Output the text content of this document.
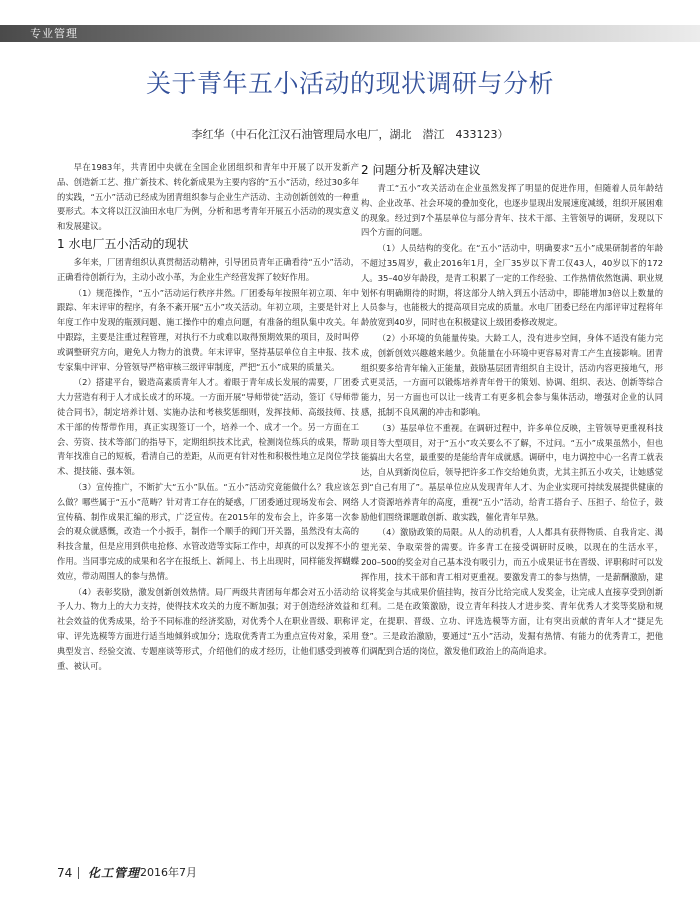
专业管理
关于青年五小活动的现状调研与分析
李红华（中石化江汉石油管理局水电厂，湖北　潜江　433123）

早在1983年，共青团中央就在全国企业团组织和青年中开展了以开发新产品、创造新工艺、推广新技术、转化新成果为主要内容的“五小”活动，经过30多年的实践，“五小”活动已经成为团青组织参与企业生产活动、主动创新创效的一种重要形式。本文将以江汉油田水电厂为例，分析和思考青年开展五小活动的现实意义和发展建议。

1 水电厂五小活动的现状

多年来，厂团青组织认真贯彻活动精神，引导团员青年正确看待“五小”活动，正确看待创新行为，主动小改小革，为企业生产经营发挥了较好作用。

（1）规范操作，“五小”活动运行秩序井然。厂团委每年按照年初立项、年中跟踪、年末评审的程序，有条不紊开展“五小”攻关活动。年初立项，主要是针对上年度工作中发现的瓶颈问题、施工操作中的难点问题，有准备的组队集中攻关。年中跟踪，主要是注重过程管理，对执行不力或难以取得预期效果的项目，及时叫停或调整研究方向，避免人力物力的浪费。年末评审，坚持基层单位自主申报、技术专家集中评审、分管领导严格审核三级评审制度，严把“五小”成果的质量关。

（2）搭建平台，锻造高素质青年人才。着眼于青年成长发展的需要，厂团委大力营造有利于人才成长成才的环境。一方面开展“导师带徒”活动，签订《导师带徒合同书》，制定培养计划、实施办法和考核奖惩细则，发挥技师、高级技师、技术干部的传帮带作用，真正实现签订一个，培养一个、成才一个。另一方面在工会、劳资、技术等部门的指导下，定期组织技术比武，检测岗位练兵的成果，帮助青年找准自己的短板，看清自己的差距，从而更有针对性和积极性地立足岗位学技术、提技能、强本领。

（3）宣传推广，不断扩大“五小”队伍。“五小”活动究竟能做什么？我应该怎么做？哪些属于“五小”范畴？针对青工存在的疑惑，厂团委通过现场发布会、网络宣传稿、制作成果汇编的形式，广泛宣传。在2015年的发布会上，许多第一次参会的观众就感慨，改造一个小扳手，制作一个顺手的阀门开关器，虽然没有太高的科技含量，但是应用到供电抢修、水管改造等实际工作中，却真的可以发挥不小的作用。当同事完成的成果和名字在报纸上、新闻上、书上出现时，同样能发挥蝴蝶效应，带动周围人的参与热情。

（4）表彰奖励，激发创新创效热情。局厂两级共青团每年都会对五小活动给予人力、物力上的大力支持，使得技术攻关的力度不断加强；对于创造经济效益和社会效益的优秀成果，给予不同标准的经济奖励，对优秀个人在职业晋级、职称评审、评先选模等方面进行适当地倾斜或加分；选取优秀青工为重点宣传对象，采用典型发言、经验交流、专题座谈等形式，介绍他们的成才经历，让他们感受到被尊重、被认可。

2 问题分析及解决建议

青工“五小”攻关活动在企业虽然发挥了明显的促进作用，但随着人员年龄结构、企业改革、社会环境的叠加变化，也逐步显现出发展速度减缓，组织开展困难的现象。经过到7个基层单位与部分青年、技术干部、主管领导的调研，发现以下四个方面的问题。

（1）人员结构的变化。在“五小”活动中，明确要求“五小”成果研制者的年龄不超过35周岁，截止2016年1月，全厂35岁以下青工仅43人，40岁以下的172人。35–40岁年龄段，是青工积累了一定的工作经验、工作热情依然饱满、职业规划怀有明确期待的时期，将这部分人纳入到五小活动中，即能增加3倍以上数量的人员参与，也能极大的提高项目完成的质量。水电厂团委已经在内部评审过程将年龄放宽到40岁，同时也在积极建议上级团委修改规定。

（2）小环境的负能量传染。大龄工人，没有进步空间，身体不适没有能力完成，创新创效兴趣越来越少。负能量在小环境中更容易对青工产生直接影响。团青组织要多给青年输入正能量，鼓励基层团青组织自主设计，活动内容更接地气，形式更灵活，一方面可以锻炼培养青年骨干的策划、协调、组织、表达、创新等综合能力，另一方面也可以让一线青工有更多机会参与集体活动，增强对企业的认同感，抵制不良风潮的冲击和影响。

（3）基层单位不重视。在调研过程中，许多单位反映，主管领导更重视科技项目等大型项目，对于“五小”攻关要么不了解，不过问。“五小”成果虽然小，但也能搞出大名堂，最重要的是能给青年成就感。调研中，电力调控中心一名青工就表达，自从到新岗位后，领导把许多工作交给她负责，尤其主抓五小攻关，让她感觉到“自己有用了”。基层单位应从发现青年人才、为企业实现可持续发展提供健康的人才资源培养青年的高度，重视“五小”活动，给青工搭台子、压担子、给位子，鼓励他们围绕课题敢创新、敢实践，催化青年早熟。

（4）激励政策的局限。从人的动机看，人人都具有获得物质、自我肯定、渴望光荣、争取荣誉的需要。许多青工在接受调研时反映，以现在的生活水平，200–500的奖金对自己基本没有吸引力，而五小成果证书在晋级、评职称时可以发挥作用，技术干部和青工相对更重视。要激发青工的参与热情，一是薪酬激励，建议将奖金与其成果价值挂钩，按百分比给完成人发奖金，让完成人直接享受到创新红利。二是在政策激励，设立青年科技人才进步奖、青年优秀人才奖等奖励和规定，在提职、晋级、立功、评选选模等方面，让有突出贡献的青年人才“捷足先登”。三是政治激励，要通过“五小”活动，发掘有热情、有能力的优秀青工，把他们调配到合适的岗位，激发他们政治上的高尚追求。

74 化工管理 2016年7月
